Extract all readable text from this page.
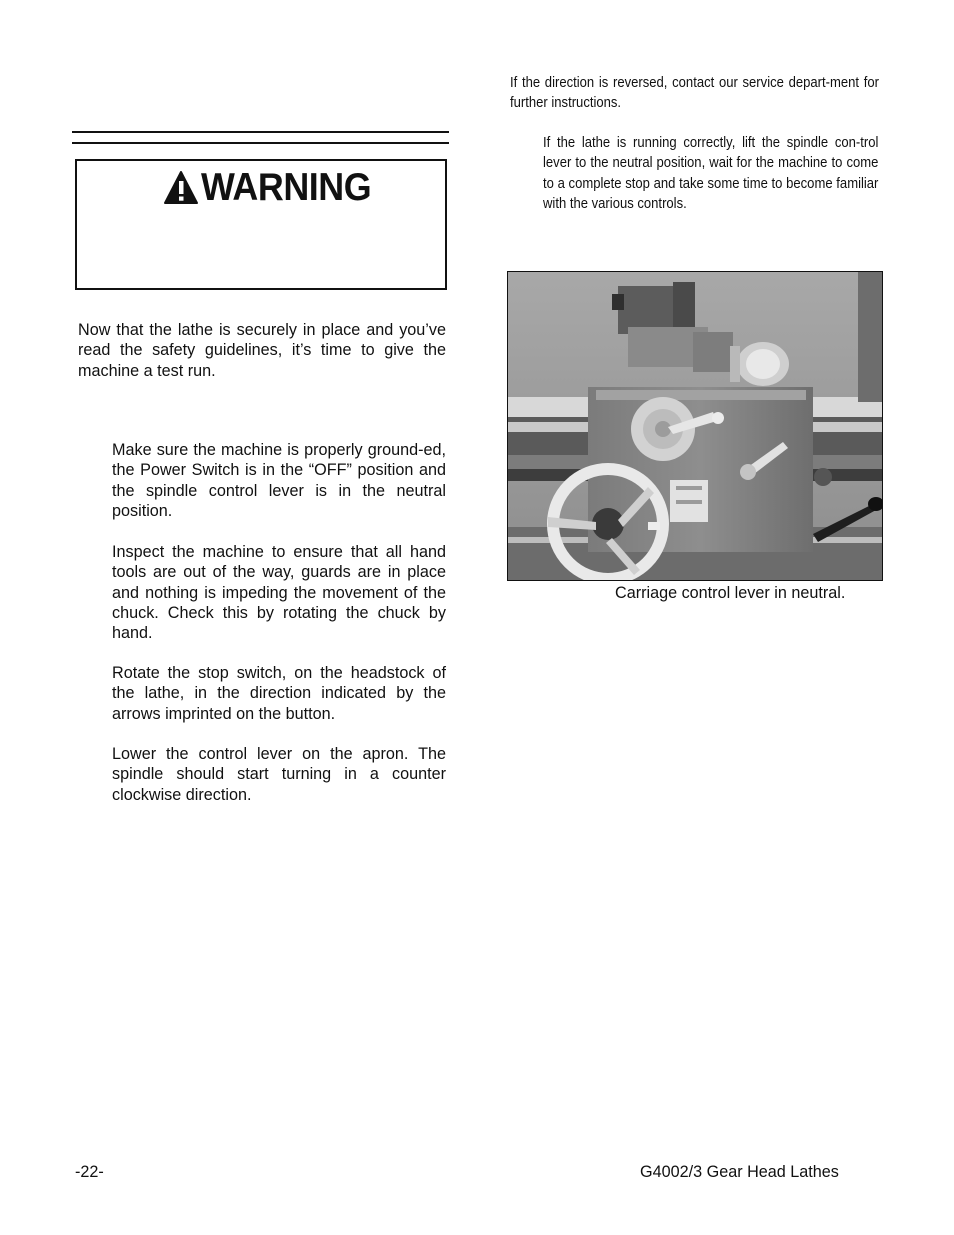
WARNING

Now that the lathe is securely in place and you’ve read the safety guidelines, it’s time to give the machine a test run.

Make sure the machine is properly ground-ed, the Power Switch is in the “OFF” position and the spindle control lever is in the neutral position.

Inspect the machine to ensure that all hand tools are out of the way, guards are in place and nothing is impeding the movement of the chuck. Check this by rotating the chuck by hand.

Rotate the stop switch, on the headstock of the lathe, in the direction indicated by the arrows imprinted on the button.

Lower the control lever on the apron. The spindle should start turning in a counter clockwise direction.

If the direction is reversed, contact our service depart-ment for further instructions.

If the lathe is running correctly, lift the spindle con-trol lever to the neutral position, wait for the machine to come to a complete stop and take some time to become familiar with the various controls.

Carriage control lever in neutral.
-22-	G4002/3 Gear Head Lathes
